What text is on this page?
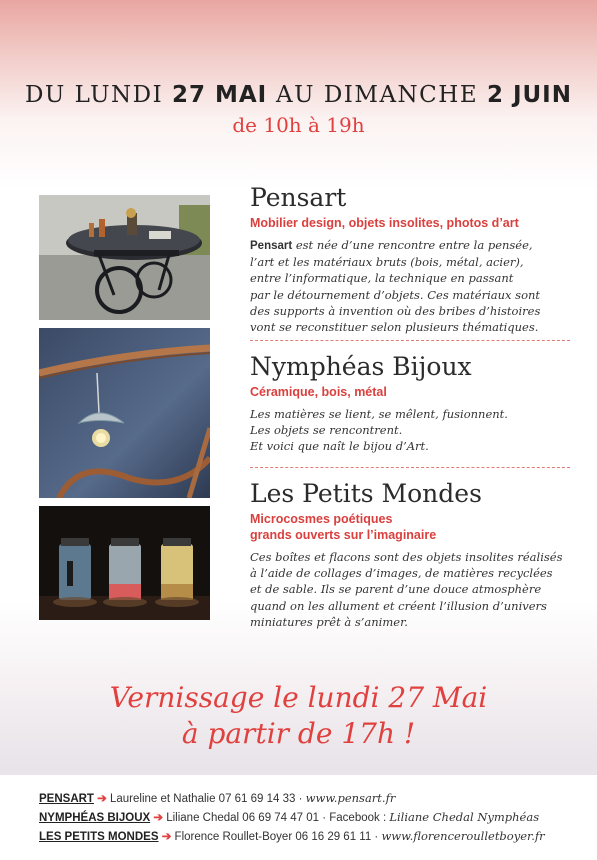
DU LUNDI 27 MAI AU DIMANCHE 2 JUIN
de 10h à 19h
Pensart
Mobilier design, objets insolites, photos d’art
Pensart est née d’une rencontre entre la pensée,
l’art et les matériaux bruts (bois, métal, acier),
entre l’informatique, la technique en passant
par le détournement d’objets. Ces matériaux sont
des supports à invention où des bribes d’histoires
vont se reconstituer selon plusieurs thématiques.
Nymphéas Bijoux
Céramique, bois, métal
Les matières se lient, se mêlent, fusionnent.
Les objets se rencontrent.
Et voici que naît le bijou d’Art.
Les Petits Mondes
Microcosmes poétiques
grands ouverts sur l’imaginaire
Ces boîtes et flacons sont des objets insolites réalisés
à l’aide de collages d’images, de matières recyclées
et de sable. Ils se parent d’une douce atmosphère
quand on les allument et créent l’illusion d’univers
miniatures prêt à s’animer.
Vernissage le lundi 27 Mai
à partir de 17h !
PENSART ➔ Laureline et Nathalie 07 61 69 14 33 · www.pensart.fr
NYMPHÉAS BIJOUX ➔ Liliane Chedal 06 69 74 47 01 · Facebook : Liliane Chedal Nymphéas
LES PETITS MONDES ➔ Florence Roullet-Boyer 06 16 29 61 11 · www.florenceroulletboyer.fr
